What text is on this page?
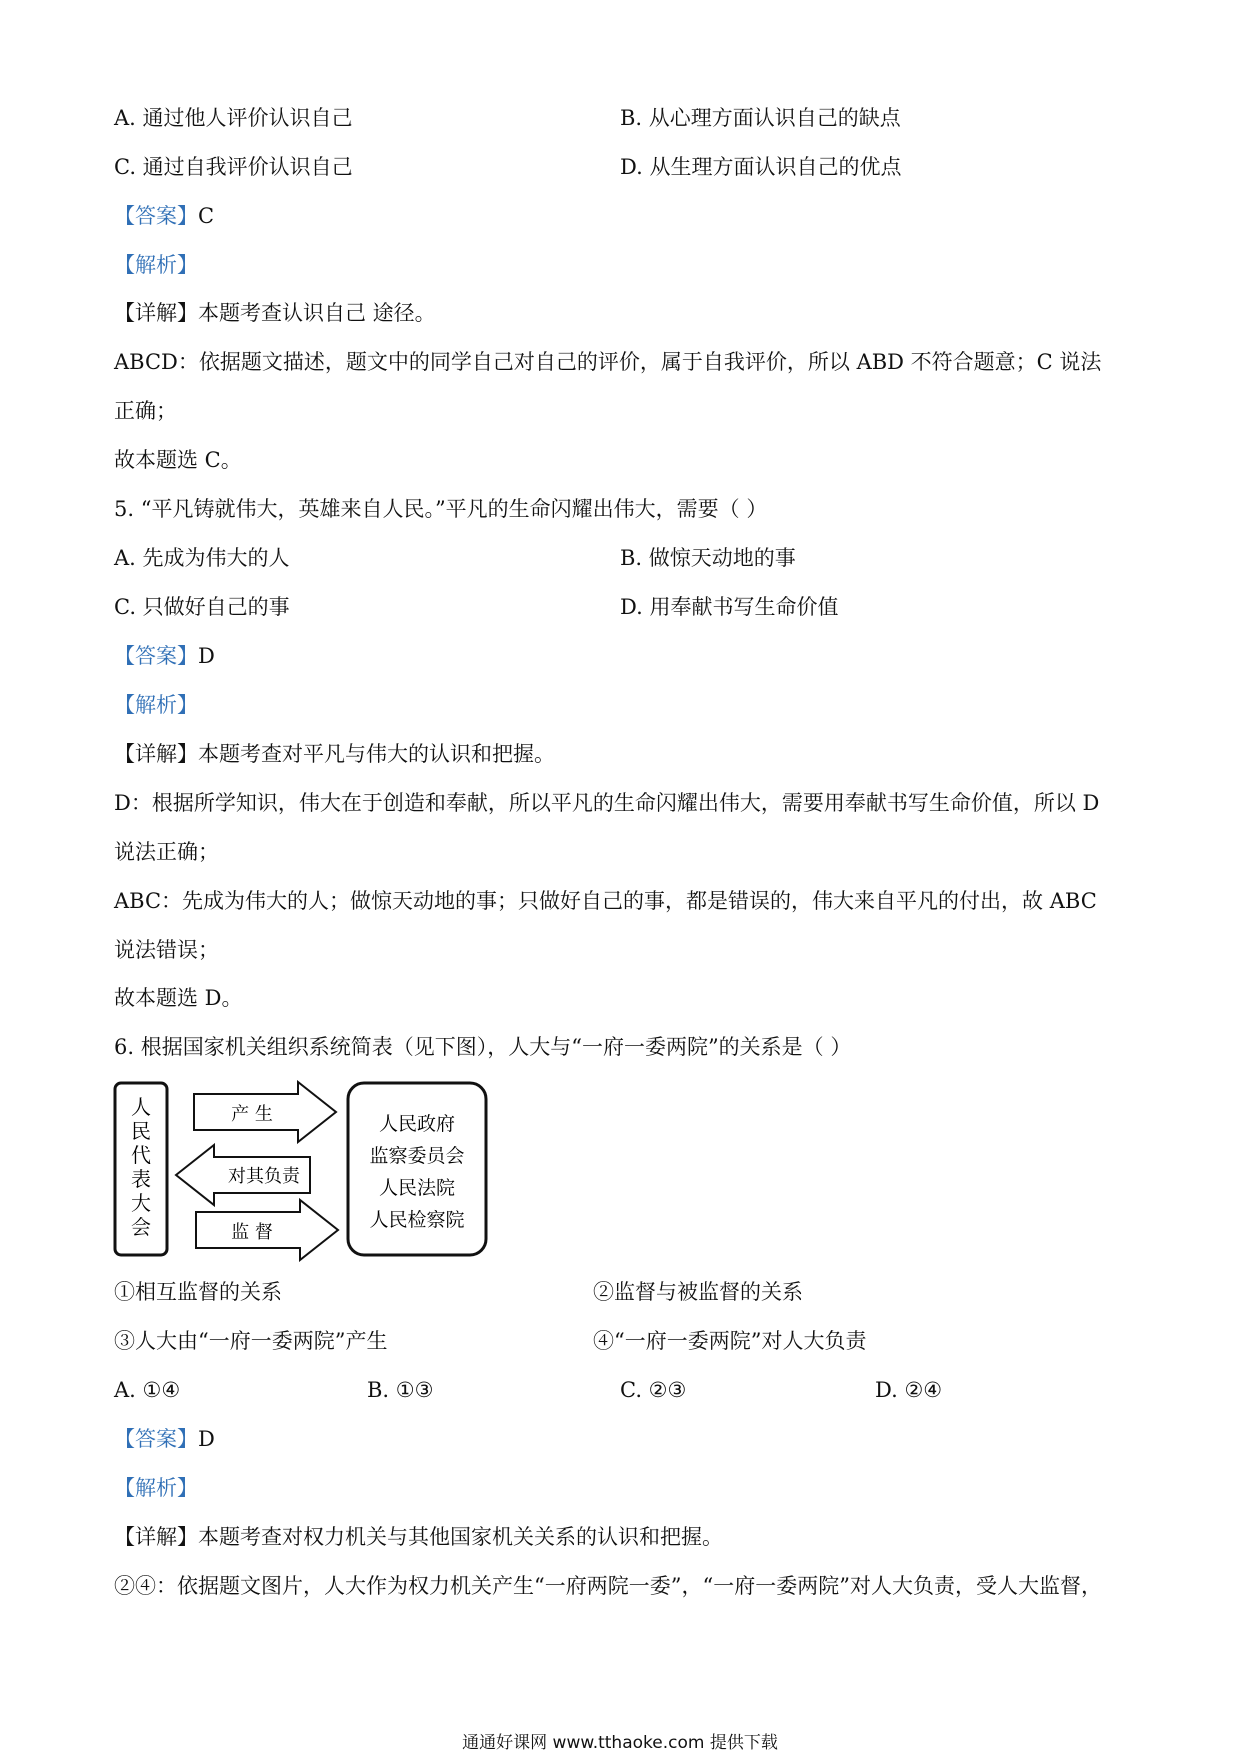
A. 通过他人评价认识自己	B. 从心理方面认识自己的缺点
C. 通过自我评价认识自己	D. 从生理方面认识自己的优点
【答案】C
【解析】
【详解】本题考查认识自己 途径。
ABCD：依据题文描述，题文中的同学自己对自己的评价，属于自我评价，所以 ABD 不符合题意；C 说法
正确；
故本题选 C。
5. “平凡铸就伟大，英雄来自人民。”平凡的生命闪耀出伟大，需要（ ）
A. 先成为伟大的人	B. 做惊天动地的事
C. 只做好自己的事	D. 用奉献书写生命价值
【答案】D
【解析】
【详解】本题考查对平凡与伟大的认识和把握。
D：根据所学知识，伟大在于创造和奉献，所以平凡的生命闪耀出伟大，需要用奉献书写生命价值，所以 D
说法正确；
ABC：先成为伟大的人；做惊天动地的事；只做好自己的事，都是错误的，伟大来自平凡的付出，故 ABC
说法错误；
故本题选 D。
6. 根据国家机关组织系统简表（见下图），人大与“一府一委两院”的关系是（ ）
人
民
代
表
大
会
产 生
对其负责
监 督
人民政府
监察委员会
人民法院
人民检察院
①相互监督的关系	②监督与被监督的关系
③人大由“一府一委两院”产生	④“一府一委两院”对人大负责
A. ①④	B. ①③	C. ②③	D. ②④
【答案】D
【解析】
【详解】本题考查对权力机关与其他国家机关关系的认识和把握。
②④：依据题文图片，人大作为权力机关产生“一府两院一委”，“一府一委两院”对人大负责，受人大监督，
通通好课网 www.tthaoke.com 提供下载
